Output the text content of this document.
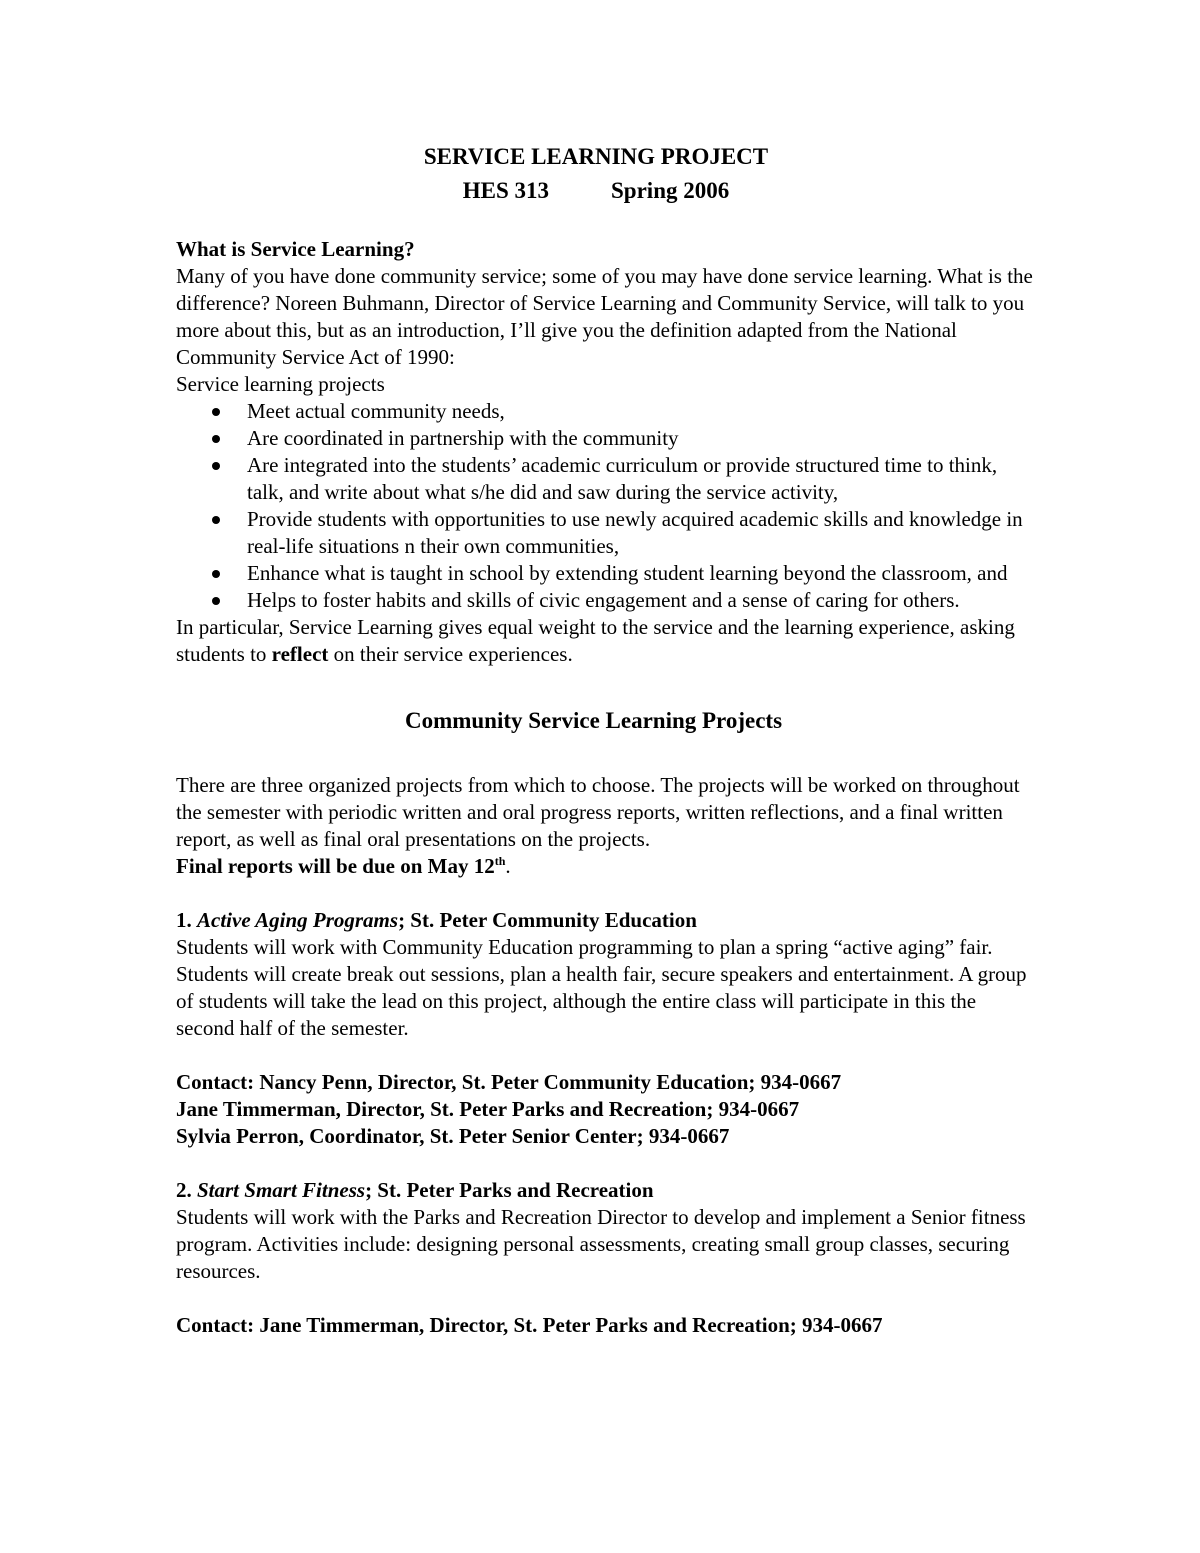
SERVICE LEARNING PROJECT
HES 313	Spring 2006

What is Service Learning?

Many of you have done community service; some of you may have done service learning. What is the difference? Noreen Buhmann, Director of Service Learning and Community Service, will talk to you more about this, but as an introduction, I’ll give you the definition adapted from the National Community Service Act of 1990:

Service learning projects

Meet actual community needs,
Are coordinated in partnership with the community
Are integrated into the students’ academic curriculum or provide structured time to think, talk, and write about what s/he did and saw during the service activity,
Provide students with opportunities to use newly acquired academic skills and knowledge in real-life situations n their own communities,
Enhance what is taught in school by extending student learning beyond the classroom, and
Helps to foster habits and skills of civic engagement and a sense of caring for others.

In particular, Service Learning gives equal weight to the service and the learning experience, asking students to reflect on their service experiences.

Community Service Learning Projects

There are three organized projects from which to choose. The projects will be worked on throughout the semester with periodic written and oral progress reports, written reflections, and a final written report, as well as final oral presentations on the projects.
Final reports will be due on May 12th.

1. Active Aging Programs; St. Peter Community Education

Students will work with Community Education programming to plan a spring “active aging” fair. Students will create break out sessions, plan a health fair, secure speakers and entertainment. A group of students will take the lead on this project, although the entire class will participate in this the second half of the semester.

Contact: Nancy Penn, Director, St. Peter Community Education; 934-0667

Jane Timmerman, Director, St. Peter Parks and Recreation; 934-0667

Sylvia Perron, Coordinator, St. Peter Senior Center; 934-0667

2. Start Smart Fitness; St. Peter Parks and Recreation

Students will work with the Parks and Recreation Director to develop and implement a Senior fitness program. Activities include: designing personal assessments, creating small group classes, securing resources.

Contact: Jane Timmerman, Director, St. Peter Parks and Recreation; 934-0667
